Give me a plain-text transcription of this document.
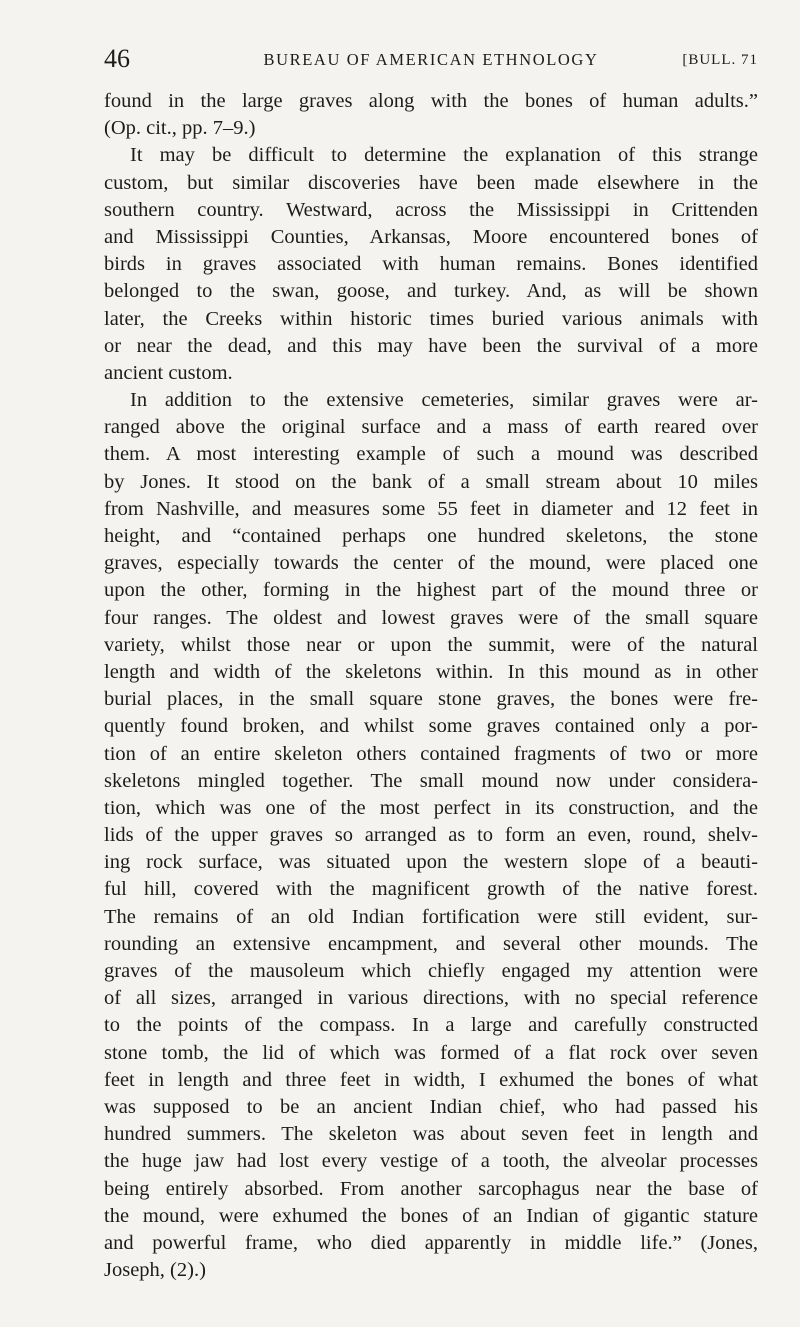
46	BUREAU OF AMERICAN ETHNOLOGY	[BULL. 71
found in the large graves along with the bones of human adults.”
(Op. cit., pp. 7–9.)
It may be difficult to determine the explanation of this strange
custom, but similar discoveries have been made elsewhere in the
southern country. Westward, across the Mississippi in Crittenden
and Mississippi Counties, Arkansas, Moore encountered bones of
birds in graves associated with human remains. Bones identified
belonged to the swan, goose, and turkey. And, as will be shown
later, the Creeks within historic times buried various animals with
or near the dead, and this may have been the survival of a more
ancient custom.
In addition to the extensive cemeteries, similar graves were ar-
ranged above the original surface and a mass of earth reared over
them. A most interesting example of such a mound was described
by Jones. It stood on the bank of a small stream about 10 miles
from Nashville, and measures some 55 feet in diameter and 12 feet in
height, and “contained perhaps one hundred skeletons, the stone
graves, especially towards the center of the mound, were placed one
upon the other, forming in the highest part of the mound three or
four ranges. The oldest and lowest graves were of the small square
variety, whilst those near or upon the summit, were of the natural
length and width of the skeletons within. In this mound as in other
burial places, in the small square stone graves, the bones were fre-
quently found broken, and whilst some graves contained only a por-
tion of an entire skeleton others contained fragments of two or more
skeletons mingled together. The small mound now under considera-
tion, which was one of the most perfect in its construction, and the
lids of the upper graves so arranged as to form an even, round, shelv-
ing rock surface, was situated upon the western slope of a beauti-
ful hill, covered with the magnificent growth of the native forest.
The remains of an old Indian fortification were still evident, sur-
rounding an extensive encampment, and several other mounds. The
graves of the mausoleum which chiefly engaged my attention were
of all sizes, arranged in various directions, with no special reference
to the points of the compass. In a large and carefully constructed
stone tomb, the lid of which was formed of a flat rock over seven
feet in length and three feet in width, I exhumed the bones of what
was supposed to be an ancient Indian chief, who had passed his
hundred summers. The skeleton was about seven feet in length and
the huge jaw had lost every vestige of a tooth, the alveolar processes
being entirely absorbed. From another sarcophagus near the base of
the mound, were exhumed the bones of an Indian of gigantic stature
and powerful frame, who died apparently in middle life.” (Jones,
Joseph, (2).)
